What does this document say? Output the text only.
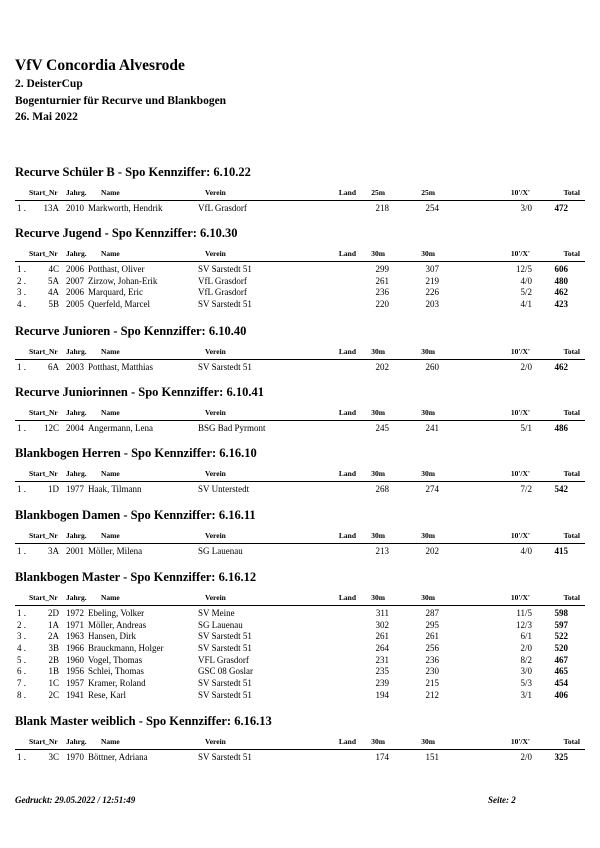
VfV Concordia Alvesrode
2. DeisterCup
Bogenturnier für Recurve und Blankbogen
26. Mai 2022
Recurve Schüler B - Spo Kennziffer: 6.10.22
Start_Nr	Jahrg.	Name	Verein	Land	25m	25m	10'/X'	Total
1 .	13A 2010 Markworth, Hendrik	VfL Grasdorf	218	254	3/0	472
Recurve Jugend - Spo Kennziffer: 6.10.30
Start_Nr	Jahrg.	Name	Verein	Land	30m	30m	10'/X'	Total
1 .	4C 2006 Potthast, Oliver	SV Sarstedt 51	299	307	12/5	606
2 .	5A 2007 Zirzow, Johan-Erik	VfL Grasdorf	261	219	4/0	480
3 .	4A 2006 Marquard, Eric	VfL Grasdorf	236	226	5/2	462
4 .	5B 2005 Querfeld, Marcel	SV Sarstedt 51	220	203	4/1	423
Recurve Junioren - Spo Kennziffer: 6.10.40
Start_Nr	Jahrg.	Name	Verein	Land	30m	30m	10'/X'	Total
1 .	6A 2003 Potthast, Matthias	SV Sarstedt 51	202	260	2/0	462
Recurve Juniorinnen - Spo Kennziffer: 6.10.41
Start_Nr	Jahrg.	Name	Verein	Land	30m	30m	10'/X'	Total
1 .	12C 2004 Angermann, Lena	BSG Bad Pyrmont	245	241	5/1	486
Blankbogen Herren - Spo Kennziffer: 6.16.10
Start_Nr	Jahrg.	Name	Verein	Land	30m	30m	10'/X'	Total
1 .	1D 1977 Haak, Tilmann	SV Unterstedt	268	274	7/2	542
Blankbogen Damen - Spo Kennziffer: 6.16.11
Start_Nr	Jahrg.	Name	Verein	Land	30m	30m	10'/X'	Total
1 .	3A 2001 Möller, Milena	SG Lauenau	213	202	4/0	415
Blankbogen Master - Spo Kennziffer: 6.16.12
Start_Nr	Jahrg.	Name	Verein	Land	30m	30m	10'/X'	Total
1 .	2D 1972 Ebeling, Volker	SV Meine	311	287	11/5	598
2 .	1A 1971 Möller, Andreas	SG Lauenau	302	295	12/3	597
3 .	2A 1963 Hansen, Dirk	SV Sarstedt 51	261	261	6/1	522
4 .	3B 1966 Brauckmann, Holger	SV Sarstedt 51	264	256	2/0	520
5 .	2B 1960 Vogel, Thomas	VFL Grasdorf	231	236	8/2	467
6 .	1B 1956 Schlei, Thomas	GSC 08 Goslar	235	230	3/0	465
7 .	1C 1957 Kramer, Roland	SV Sarstedt 51	239	215	5/3	454
8 .	2C 1941 Rese, Karl	SV Sarstedt 51	194	212	3/1	406
Blank Master weiblich - Spo Kennziffer: 6.16.13
Start_Nr	Jahrg.	Name	Verein	Land	30m	30m	10'/X'	Total
1 .	3C 1970 Böttner, Adriana	SV Sarstedt 51	174	151	2/0	325
Gedruckt: 29.05.2022 / 12:51:49	Seite: 2
